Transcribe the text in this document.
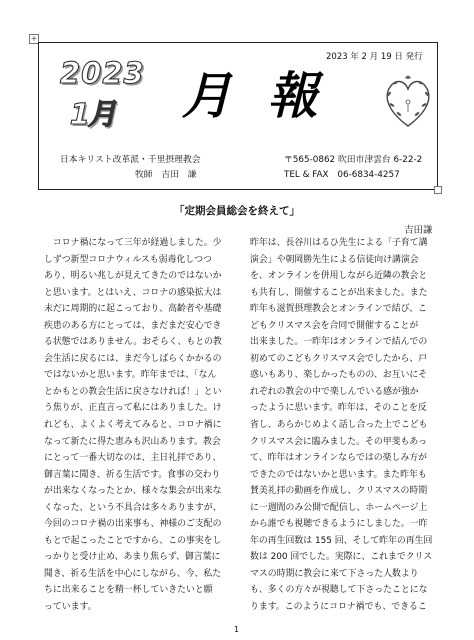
+
2023 年 2 月 19 日 発行
2023
1月 月 報
日本キリスト改革派・千里摂理教会
牧師　吉田　謙
〒565-0862 吹田市津雲台 6-22-2
TEL & FAX　06-6834-4257
「定期会員総会を終えて」
吉田謙
　コロナ禍になって三年が経過しました。少
しずつ新型コロナウィルスも弱毒化しつつ
あり、明るい兆しが見えてきたのではないか
と思います。とはいえ、コロナの感染拡大は
未だに周期的に起こっており、高齢者や基礎
疾患のある方にとっては、まだまだ安心でき
る状態ではありません。おそらく、もとの教
会生活に戻るには、まだ今しばらくかかるの
ではないかと思います。昨年までは、「なん
とかもとの教会生活に戻さなければ！」とい
う焦りが、正直言って私にはありました。け
れども、よくよく考えてみると、コロナ禍に
なって新たに得た恵みも沢山あります。教会
にとって一番大切なのは、主日礼拝であり、
御言葉に聞き、祈る生活です。食事の交わり
が出来なくなったとか、様々な集会が出来な
くなった、という不具合は多々ありますが、
今回のコロナ禍の出来事も、神様のご支配の
もとで起こったことですから、この事実をし
っかりと受け止め、あまり焦らず、御言葉に
聞き、祈る生活を中心にしながら、今、私た
ちに出来ることを精一杯していきたいと願
っています。
昨年は、長谷川はるひ先生による「子育て講
演会」や朝岡勝先生による信徒向け講演会
を、オンラインを併用しながら近隣の教会と
も共有し、開催することが出来ました。また
昨年も滋賀摂理教会とオンラインで結び、こ
どもクリスマス会を合同で開催することが
出来ました。一昨年はオンラインで結んでの
初めてのこどもクリスマス会でしたから、戸
惑いもあり、楽しかったものの、お互いにそ
れぞれの教会の中で楽しんでいる感が強か
ったように思います。昨年は、そのことを反
省し、あらかじめよく話し合った上でこども
クリスマス会に臨みました。その甲斐もあっ
て、昨年はオンラインならではの楽しみ方が
できたのではないかと思います。また昨年も
賛美礼拝の動画を作成し、クリスマスの時期
に一週間のみ公開で配信し、ホームページ上
から誰でも視聴できるようにしました。一昨
年の再生回数は 155 回、そして昨年の再生回
数は 200 回でした。実際に、これまでクリス
マスの時期に教会に来て下さった人数より
も、多くの方々が視聴して下さったことにな
ります。このようにコロナ禍でも、できるこ
1
